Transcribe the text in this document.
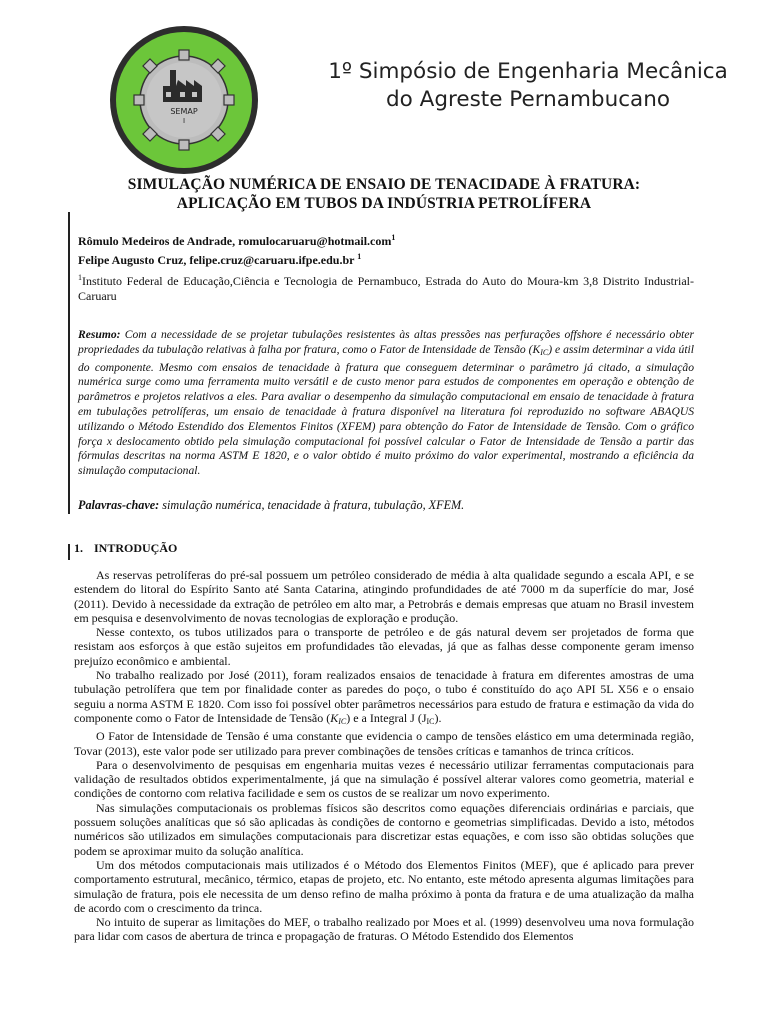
SEMAP
I
1º Simpósio de Engenharia Mecânica
do Agreste Pernambucano
SIMULAÇÃO NUMÉRICA DE ENSAIO DE TENACIDADE À FRATURA:
APLICAÇÃO EM TUBOS DA INDÚSTRIA PETROLÍFERA
Rômulo Medeiros de Andrade, romulocaruaru@hotmail.com$^1$
Felipe Augusto Cruz, felipe.cruz@caruaru.ifpe.edu.br $^1$
$^1$Instituto Federal de Educação,Ciência e Tecnologia de Pernambuco, Estrada do Auto do Moura-km 3,8 Distrito Industrial- Caruaru
Resumo: Com a necessidade de se projetar tubulações resistentes às altas pressões nas perfurações offshore é necessário obter propriedades da tubulação relativas à falha por fratura, como o Fator de Intensidade de Tensão $(K_{IC})$ e assim determinar a vida útil do componente. Mesmo com ensaios de tenacidade à fratura que conseguem determinar o parâmetro já citado, a simulação numérica surge como uma ferramenta muito versátil e de custo menor para estudos de componentes em operação e obtenção de parâmetros e projetos relativos a eles. Para avaliar o desempenho da simulação computacional em ensaio de tenacidade à fratura em tubulações petrolíferas, um ensaio de tenacidade à fratura disponível na literatura foi reproduzido no software ABAQUS utilizando o Método Estendido dos Elementos Finitos (XFEM) para obtenção do Fator de Intensidade de Tensão. Com o gráfico força x deslocamento obtido pela simulação computacional foi possível calcular o Fator de Intensidade de Tensão a partir das fórmulas descritas na norma ASTM E 1820, e o valor obtido é muito próximo do valor experimental, mostrando a eficiência da simulação computacional.
Palavras-chave: simulação numérica, tenacidade à fratura, tubulação, XFEM.
1. INTRODUÇÃO

As reservas petrolíferas do pré-sal possuem um petróleo considerado de média à alta qualidade segundo a escala API, e se estendem do litoral do Espírito Santo até Santa Catarina, atingindo profundidades de até 7000 m da superfície do mar, José (2011). Devido à necessidade da extração de petróleo em alto mar, a Petrobrás e demais empresas que atuam no Brasil investem em pesquisa e desenvolvimento de novas tecnologias de exploração e produção.

Nesse contexto, os tubos utilizados para o transporte de petróleo e de gás natural devem ser projetados de forma que resistam aos esforços à que estão sujeitos em profundidades tão elevadas, já que as falhas desse componente geram imenso prejuízo econômico e ambiental.

No trabalho realizado por José (2011), foram realizados ensaios de tenacidade à fratura em diferentes amostras de uma tubulação petrolífera que tem por finalidade conter as paredes do poço, o tubo é constituído do aço API 5L X56 e o ensaio seguiu a norma ASTM E 1820. Com isso foi possível obter parâmetros necessários para estudo de fratura e estimação da vida do componente como o Fator de Intensidade de Tensão $(K_{IC})$ e a Integral J $(J_{IC})$.

O Fator de Intensidade de Tensão é uma constante que evidencia o campo de tensões elástico em uma determinada região, Tovar (2013), este valor pode ser utilizado para prever combinações de tensões críticas e tamanhos de trinca críticos.

Para o desenvolvimento de pesquisas em engenharia muitas vezes é necessário utilizar ferramentas computacionais para validação de resultados obtidos experimentalmente, já que na simulação é possível alterar valores como geometria, material e condições de contorno com relativa facilidade e sem os custos de se realizar um novo experimento.

Nas simulações computacionais os problemas físicos são descritos como equações diferenciais ordinárias e parciais, que possuem soluções analíticas que só são aplicadas às condições de contorno e geometrias simplificadas. Devido a isto, métodos numéricos são utilizados em simulações computacionais para discretizar estas equações, e com isso são obtidas soluções que podem se aproximar muito da solução analítica.

Um dos métodos computacionais mais utilizados é o Método dos Elementos Finitos (MEF), que é aplicado para prever comportamento estrutural, mecânico, térmico, etapas de projeto, etc. No entanto, este método apresenta algumas limitações para simulação de fratura, pois ele necessita de um denso refino de malha próximo à ponta da fratura e de uma atualização da malha de acordo com o crescimento da trinca.

No intuito de superar as limitações do MEF, o trabalho realizado por Moes et al. (1999) desenvolveu uma nova formulação para lidar com casos de abertura de trinca e propagação de fraturas. O Método Estendido dos Elementos
